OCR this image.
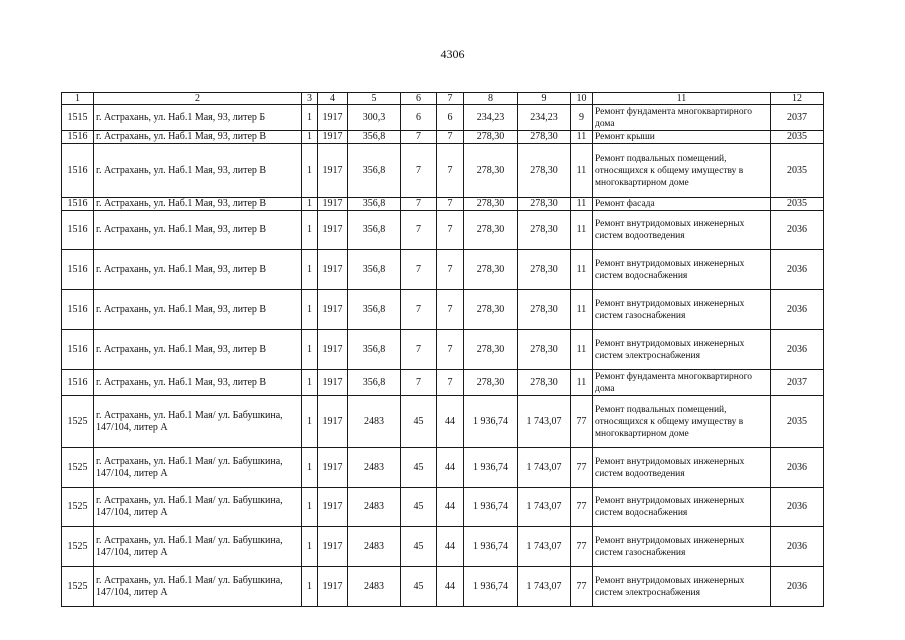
4306
1	2	3	4	5	6	7	8	9	10	11	12
1515	г. Астрахань, ул. Наб.1 Мая, 93, литер Б	1	1917	300,3	6	6	234,23	234,23	9	Ремонт фундамента многоквартирного дома	2037
1516	г. Астрахань, ул. Наб.1 Мая, 93, литер В	1	1917	356,8	7	7	278,30	278,30	11	Ремонт крыши	2035
1516	г. Астрахань, ул. Наб.1 Мая, 93, литер В	1	1917	356,8	7	7	278,30	278,30	11	Ремонт подвальных помещений, относящихся к общему имуществу в многоквартирном доме	2035
1516	г. Астрахань, ул. Наб.1 Мая, 93, литер В	1	1917	356,8	7	7	278,30	278,30	11	Ремонт фасада	2035
1516	г. Астрахань, ул. Наб.1 Мая, 93, литер В	1	1917	356,8	7	7	278,30	278,30	11	Ремонт внутридомовых инженерных систем водоотведения	2036
1516	г. Астрахань, ул. Наб.1 Мая, 93, литер В	1	1917	356,8	7	7	278,30	278,30	11	Ремонт внутридомовых инженерных систем водоснабжения	2036
1516	г. Астрахань, ул. Наб.1 Мая, 93, литер В	1	1917	356,8	7	7	278,30	278,30	11	Ремонт внутридомовых инженерных систем газоснабжения	2036
1516	г. Астрахань, ул. Наб.1 Мая, 93, литер В	1	1917	356,8	7	7	278,30	278,30	11	Ремонт внутридомовых инженерных систем электроснабжения	2036
1516	г. Астрахань, ул. Наб.1 Мая, 93, литер В	1	1917	356,8	7	7	278,30	278,30	11	Ремонт фундамента многоквартирного дома	2037
1525	г. Астрахань, ул. Наб.1 Мая/ ул. Бабушкина, 147/104, литер А	1	1917	2483	45	44	1 936,74	1 743,07	77	Ремонт подвальных помещений, относящихся к общему имуществу в многоквартирном доме	2035
1525	г. Астрахань, ул. Наб.1 Мая/ ул. Бабушкина, 147/104, литер А	1	1917	2483	45	44	1 936,74	1 743,07	77	Ремонт внутридомовых инженерных систем водоотведения	2036
1525	г. Астрахань, ул. Наб.1 Мая/ ул. Бабушкина, 147/104, литер А	1	1917	2483	45	44	1 936,74	1 743,07	77	Ремонт внутридомовых инженерных систем водоснабжения	2036
1525	г. Астрахань, ул. Наб.1 Мая/ ул. Бабушкина, 147/104, литер А	1	1917	2483	45	44	1 936,74	1 743,07	77	Ремонт внутридомовых инженерных систем газоснабжения	2036
1525	г. Астрахань, ул. Наб.1 Мая/ ул. Бабушкина, 147/104, литер А	1	1917	2483	45	44	1 936,74	1 743,07	77	Ремонт внутридомовых инженерных систем электроснабжения	2036
